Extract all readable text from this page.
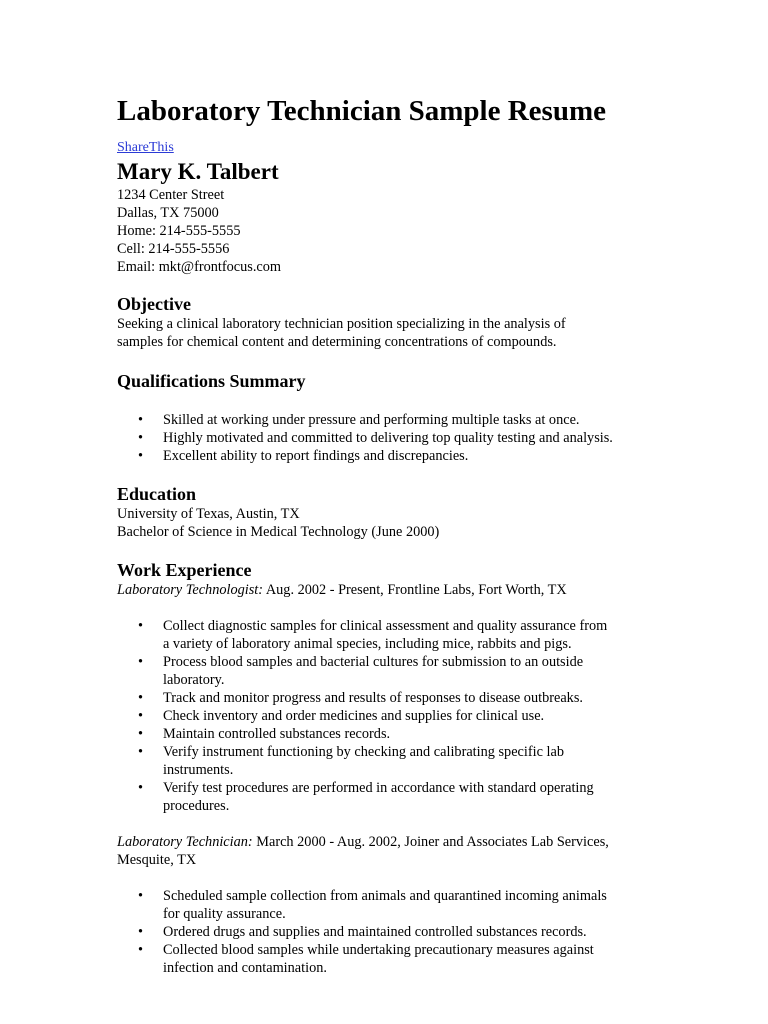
Laboratory Technician Sample Resume
ShareThis
Mary K. Talbert

1234 Center Street

Dallas, TX 75000

Home: 214-555-5555

Cell: 214-555-5556

Email: mkt@frontfocus.com

Objective

Seeking a clinical laboratory technician position specializing in the analysis of

samples for chemical content and determining concentrations of compounds.

Qualifications Summary
• Skilled at working under pressure and performing multiple tasks at once.
• Highly motivated and committed to delivering top quality testing and analysis.
• Excellent ability to report findings and discrepancies.
Education

University of Texas, Austin, TX

Bachelor of Science in Medical Technology (June 2000)

Work Experience

Laboratory Technologist: Aug. 2002 - Present, Frontline Labs, Fort Worth, TX

• Collect diagnostic samples for clinical assessment and quality assurance from
a variety of laboratory animal species, including mice, rabbits and pigs.
• Process blood samples and bacterial cultures for submission to an outside
laboratory.
• Track and monitor progress and results of responses to disease outbreaks.
• Check inventory and order medicines and supplies for clinical use.
• Maintain controlled substances records.
• Verify instrument functioning by checking and calibrating specific lab
instruments.
• Verify test procedures are performed in accordance with standard operating
procedures.

Laboratory Technician: March 2000 - Aug. 2002, Joiner and Associates Lab Services,

Mesquite, TX

• Scheduled sample collection from animals and quarantined incoming animals
for quality assurance.
• Ordered drugs and supplies and maintained controlled substances records.
• Collected blood samples while undertaking precautionary measures against
infection and contamination.
